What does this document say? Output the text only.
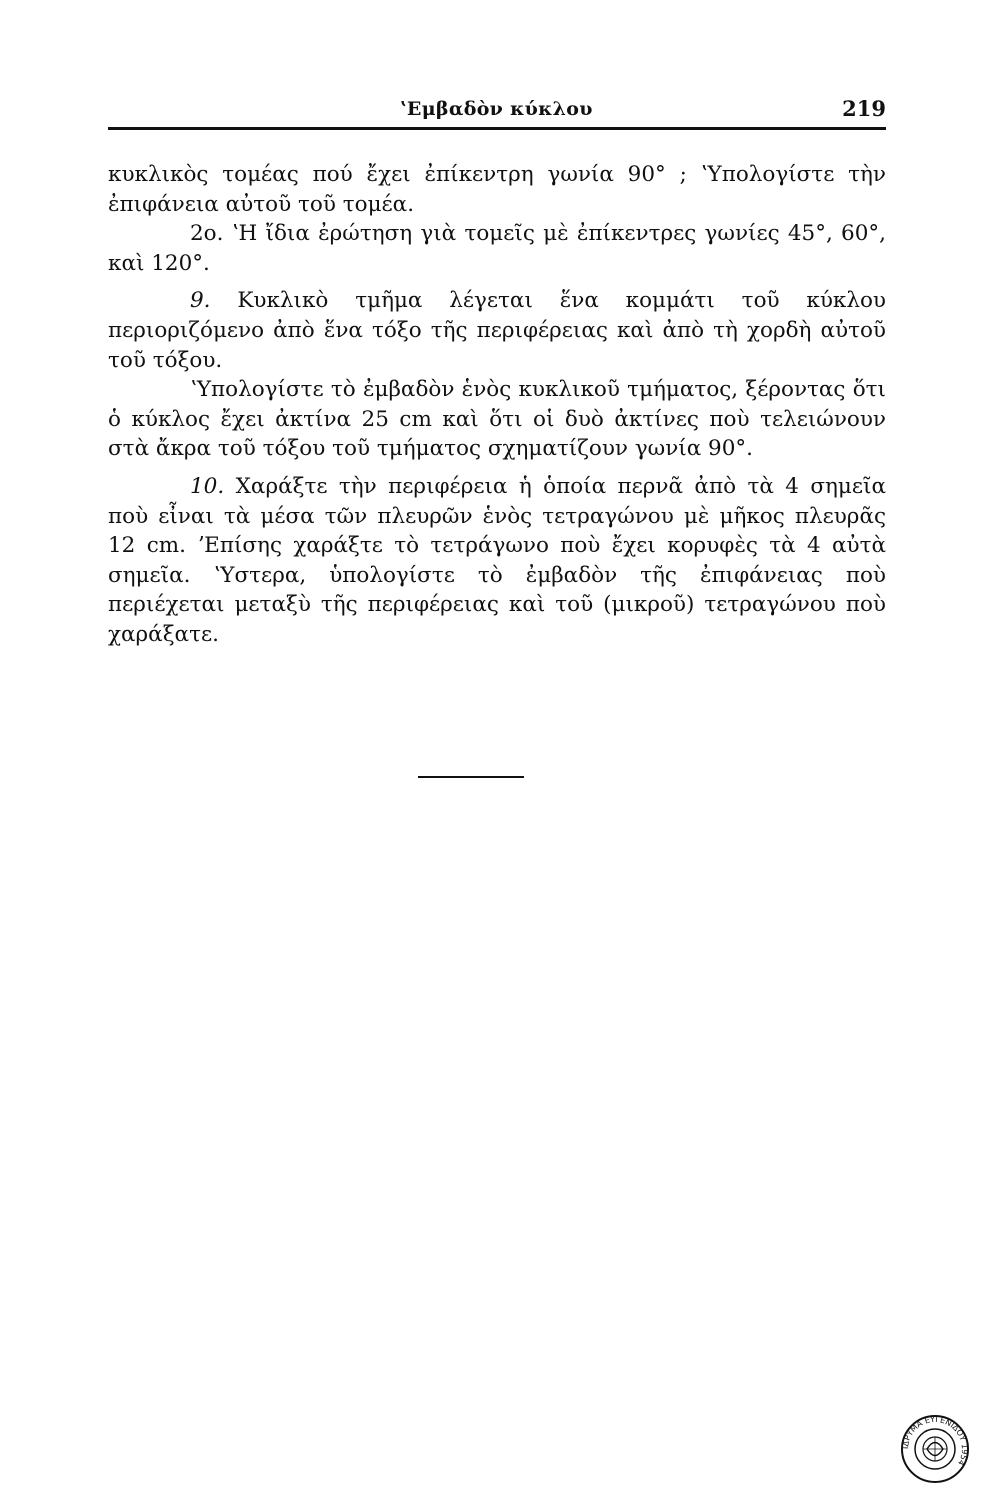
ʽΕμβαδὸν κύκλου	219

κυκλικὸς τομέας πού ἔχει ἐπίκεντρη γωνία 90° ; ʽΥπολογίστε τὴν ἐπιφάνεια αὐτοῦ τοῦ τομέα.

2ο. ʽΗ ἴδια ἐρώτηση γιὰ τομεῖς μὲ ἐπίκεντρες γωνίες 45°, 60°, καὶ 120°.

9. Κυκλικὸ τμῆμα λέγεται ἕνα κομμάτι τοῦ κύκλου περιοριζόμενο ἀπὸ ἕνα τόξο τῆς περιφέρειας καὶ ἀπὸ τὴ χορδὴ αὐτοῦ τοῦ τόξου.

ʽΥπολογίστε τὸ ἐμβαδὸν ἑνὸς κυκλικοῦ τμήματος, ξέροντας ὅτι ὁ κύκλος ἔχει ἀκτίνα 25 cm καὶ ὅτι οἱ δυὸ ἀκτίνες ποὺ τελειώνουν στὰ ἄκρα τοῦ τόξου τοῦ τμήματος σχηματίζουν γωνία 90°.

10. Χαράξτε τὴν περιφέρεια ἡ ὁποία περνᾶ ἀπὸ τὰ 4 σημεῖα ποὺ εἶναι τὰ μέσα τῶν πλευρῶν ἑνὸς τετραγώνου μὲ μῆκος πλευρᾶς 12 cm. ʼΕπίσης χαράξτε τὸ τετράγωνο ποὺ ἔχει κορυφὲς τὰ 4 αὐτὰ σημεῖα. ʽΥστερα, ὑπολογίστε τὸ ἐμβαδὸν τῆς ἐπιφάνειας ποὺ περιέχεται μεταξὺ τῆς περιφέρειας καὶ τοῦ (μικροῦ) τετραγώνου ποὺ χαράξατε.

ΙΔΡΥΜΑ ΕΥΓΕΝΙΔΟΥ 1954
